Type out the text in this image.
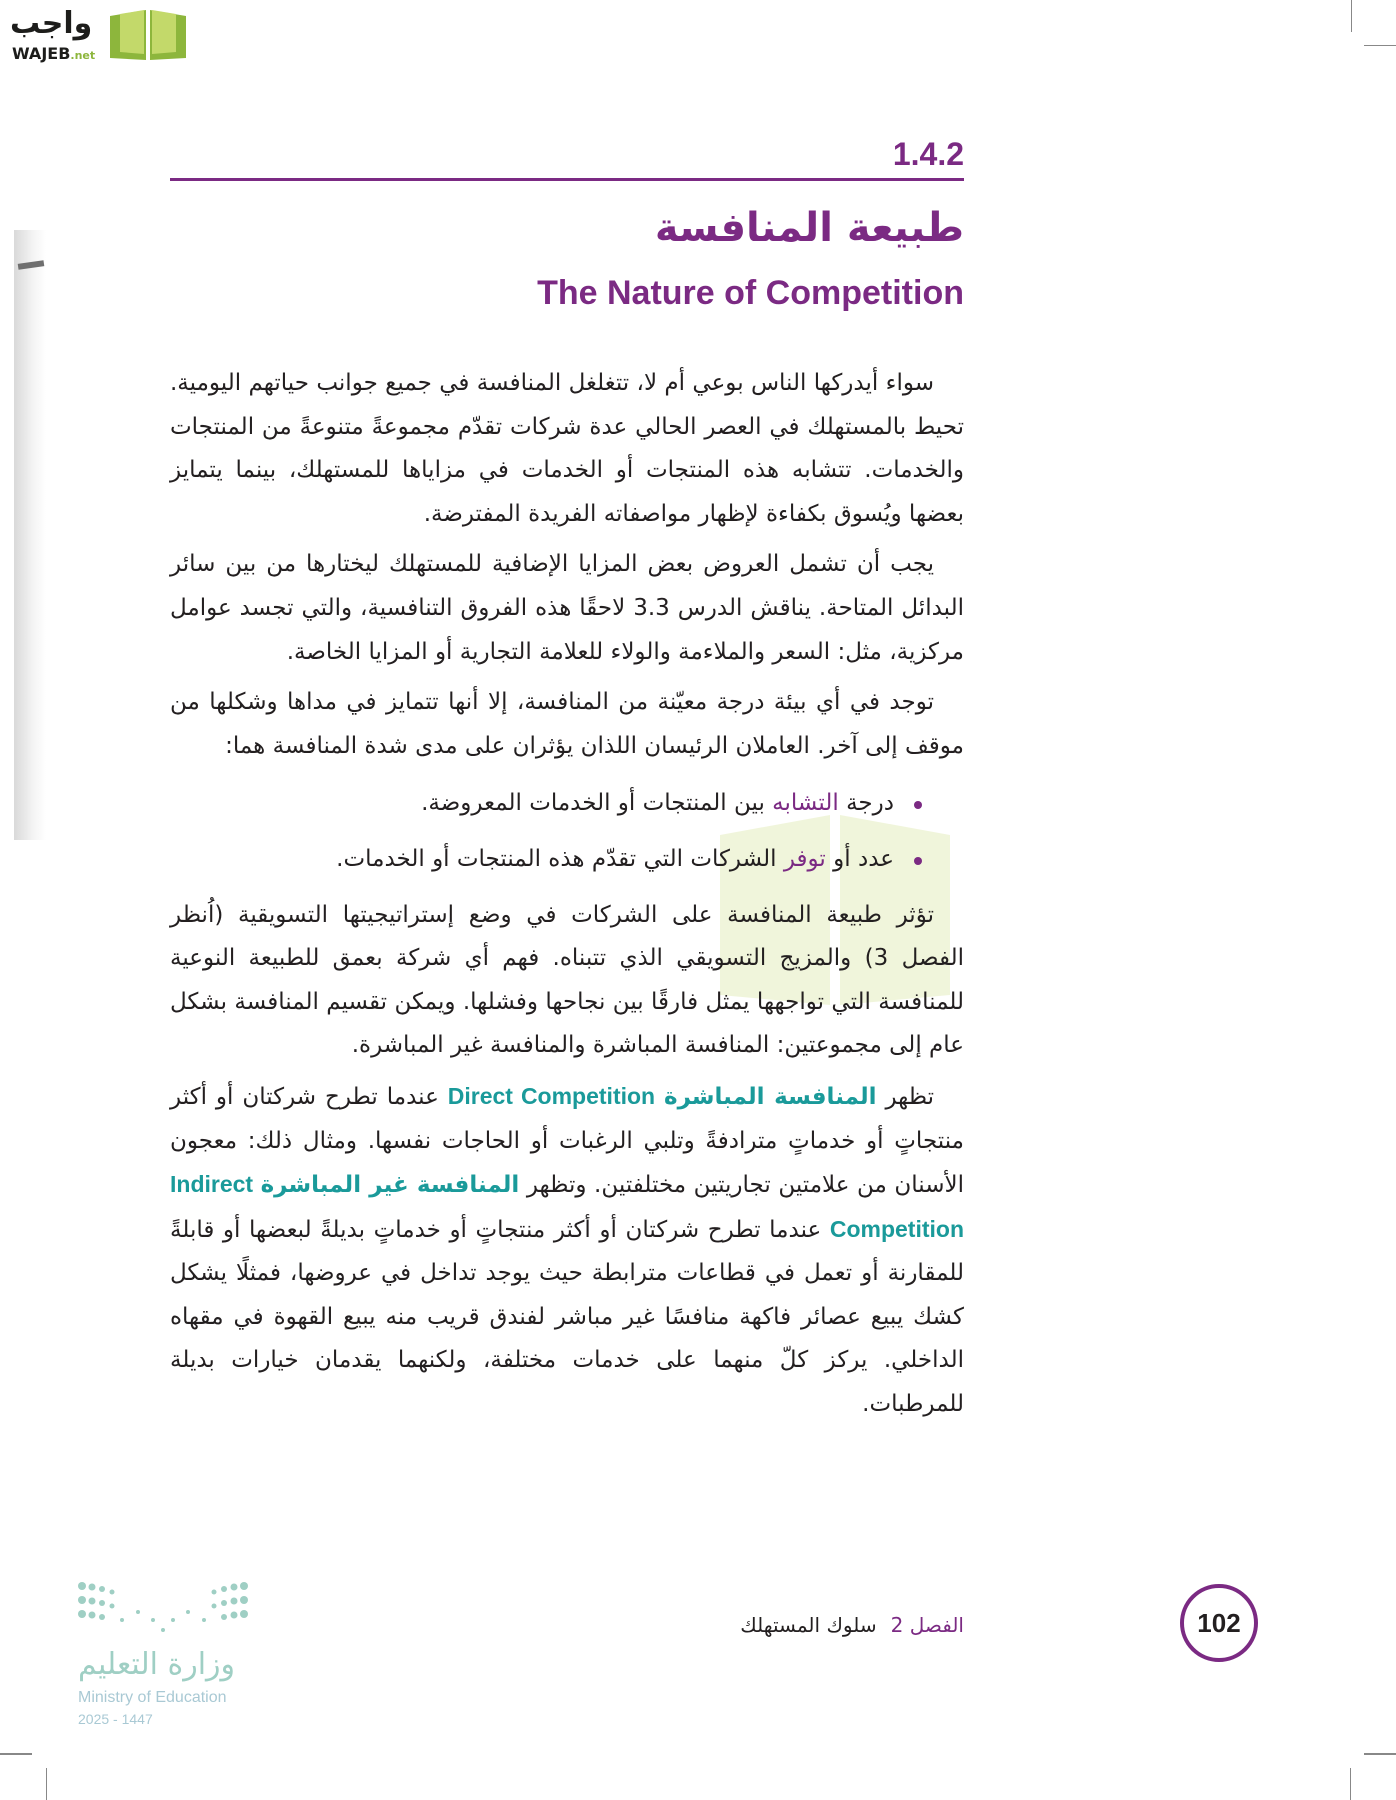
واجب
WAJEB.net
1.4.2
طبيعة المنافسة
The Nature of Competition

سواء أيدركها الناس بوعي أم لا، تتغلغل المنافسة في جميع جوانب حياتهم اليومية. تحيط بالمستهلك في العصر الحالي عدة شركات تقدّم مجموعةً متنوعةً من المنتجات والخدمات. تتشابه هذه المنتجات أو الخدمات في مزاياها للمستهلك، بينما يتمايز بعضها ويُسوق بكفاءة لإظهار مواصفاته الفريدة المفترضة.

يجب أن تشمل العروض بعض المزايا الإضافية للمستهلك ليختارها من بين سائر البدائل المتاحة. يناقش الدرس 3.3 لاحقًا هذه الفروق التنافسية، والتي تجسد عوامل مركزية، مثل: السعر والملاءمة والولاء للعلامة التجارية أو المزايا الخاصة.

توجد في أي بيئة درجة معيّنة من المنافسة، إلا أنها تتمايز في مداها وشكلها من موقف إلى آخر. العاملان الرئيسان اللذان يؤثران على مدى شدة المنافسة هما:

درجة التشابه بين المنتجات أو الخدمات المعروضة.
عدد أو توفر الشركات التي تقدّم هذه المنتجات أو الخدمات.

تؤثر طبيعة المنافسة على الشركات في وضع إستراتيجيتها التسويقية (اُنظر الفصل 3) والمزيج التسويقي الذي تتبناه. فهم أي شركة بعمق للطبيعة النوعية للمنافسة التي تواجهها يمثل فارقًا بين نجاحها وفشلها. ويمكن تقسيم المنافسة بشكل عام إلى مجموعتين: المنافسة المباشرة والمنافسة غير المباشرة.

تظهر المنافسة المباشرة Direct Competition عندما تطرح شركتان أو أكثر منتجاتٍ أو خدماتٍ مترادفةً وتلبي الرغبات أو الحاجات نفسها. ومثال ذلك: معجون الأسنان من علامتين تجاريتين مختلفتين. وتظهر المنافسة غير المباشرة Indirect Competition عندما تطرح شركتان أو أكثر منتجاتٍ أو خدماتٍ بديلةً لبعضها أو قابلةً للمقارنة أو تعمل في قطاعات مترابطة حيث يوجد تداخل في عروضها، فمثلًا يشكل كشك يبيع عصائر فاكهة منافسًا غير مباشر لفندق قريب منه يبيع القهوة في مقهاه الداخلي. يركز كلّ منهما على خدمات مختلفة، ولكنهما يقدمان خيارات بديلة للمرطبات.

102
الفصل 2سلوك المستهلك
وزارة التعليم
Ministry of Education
2025 - 1447
